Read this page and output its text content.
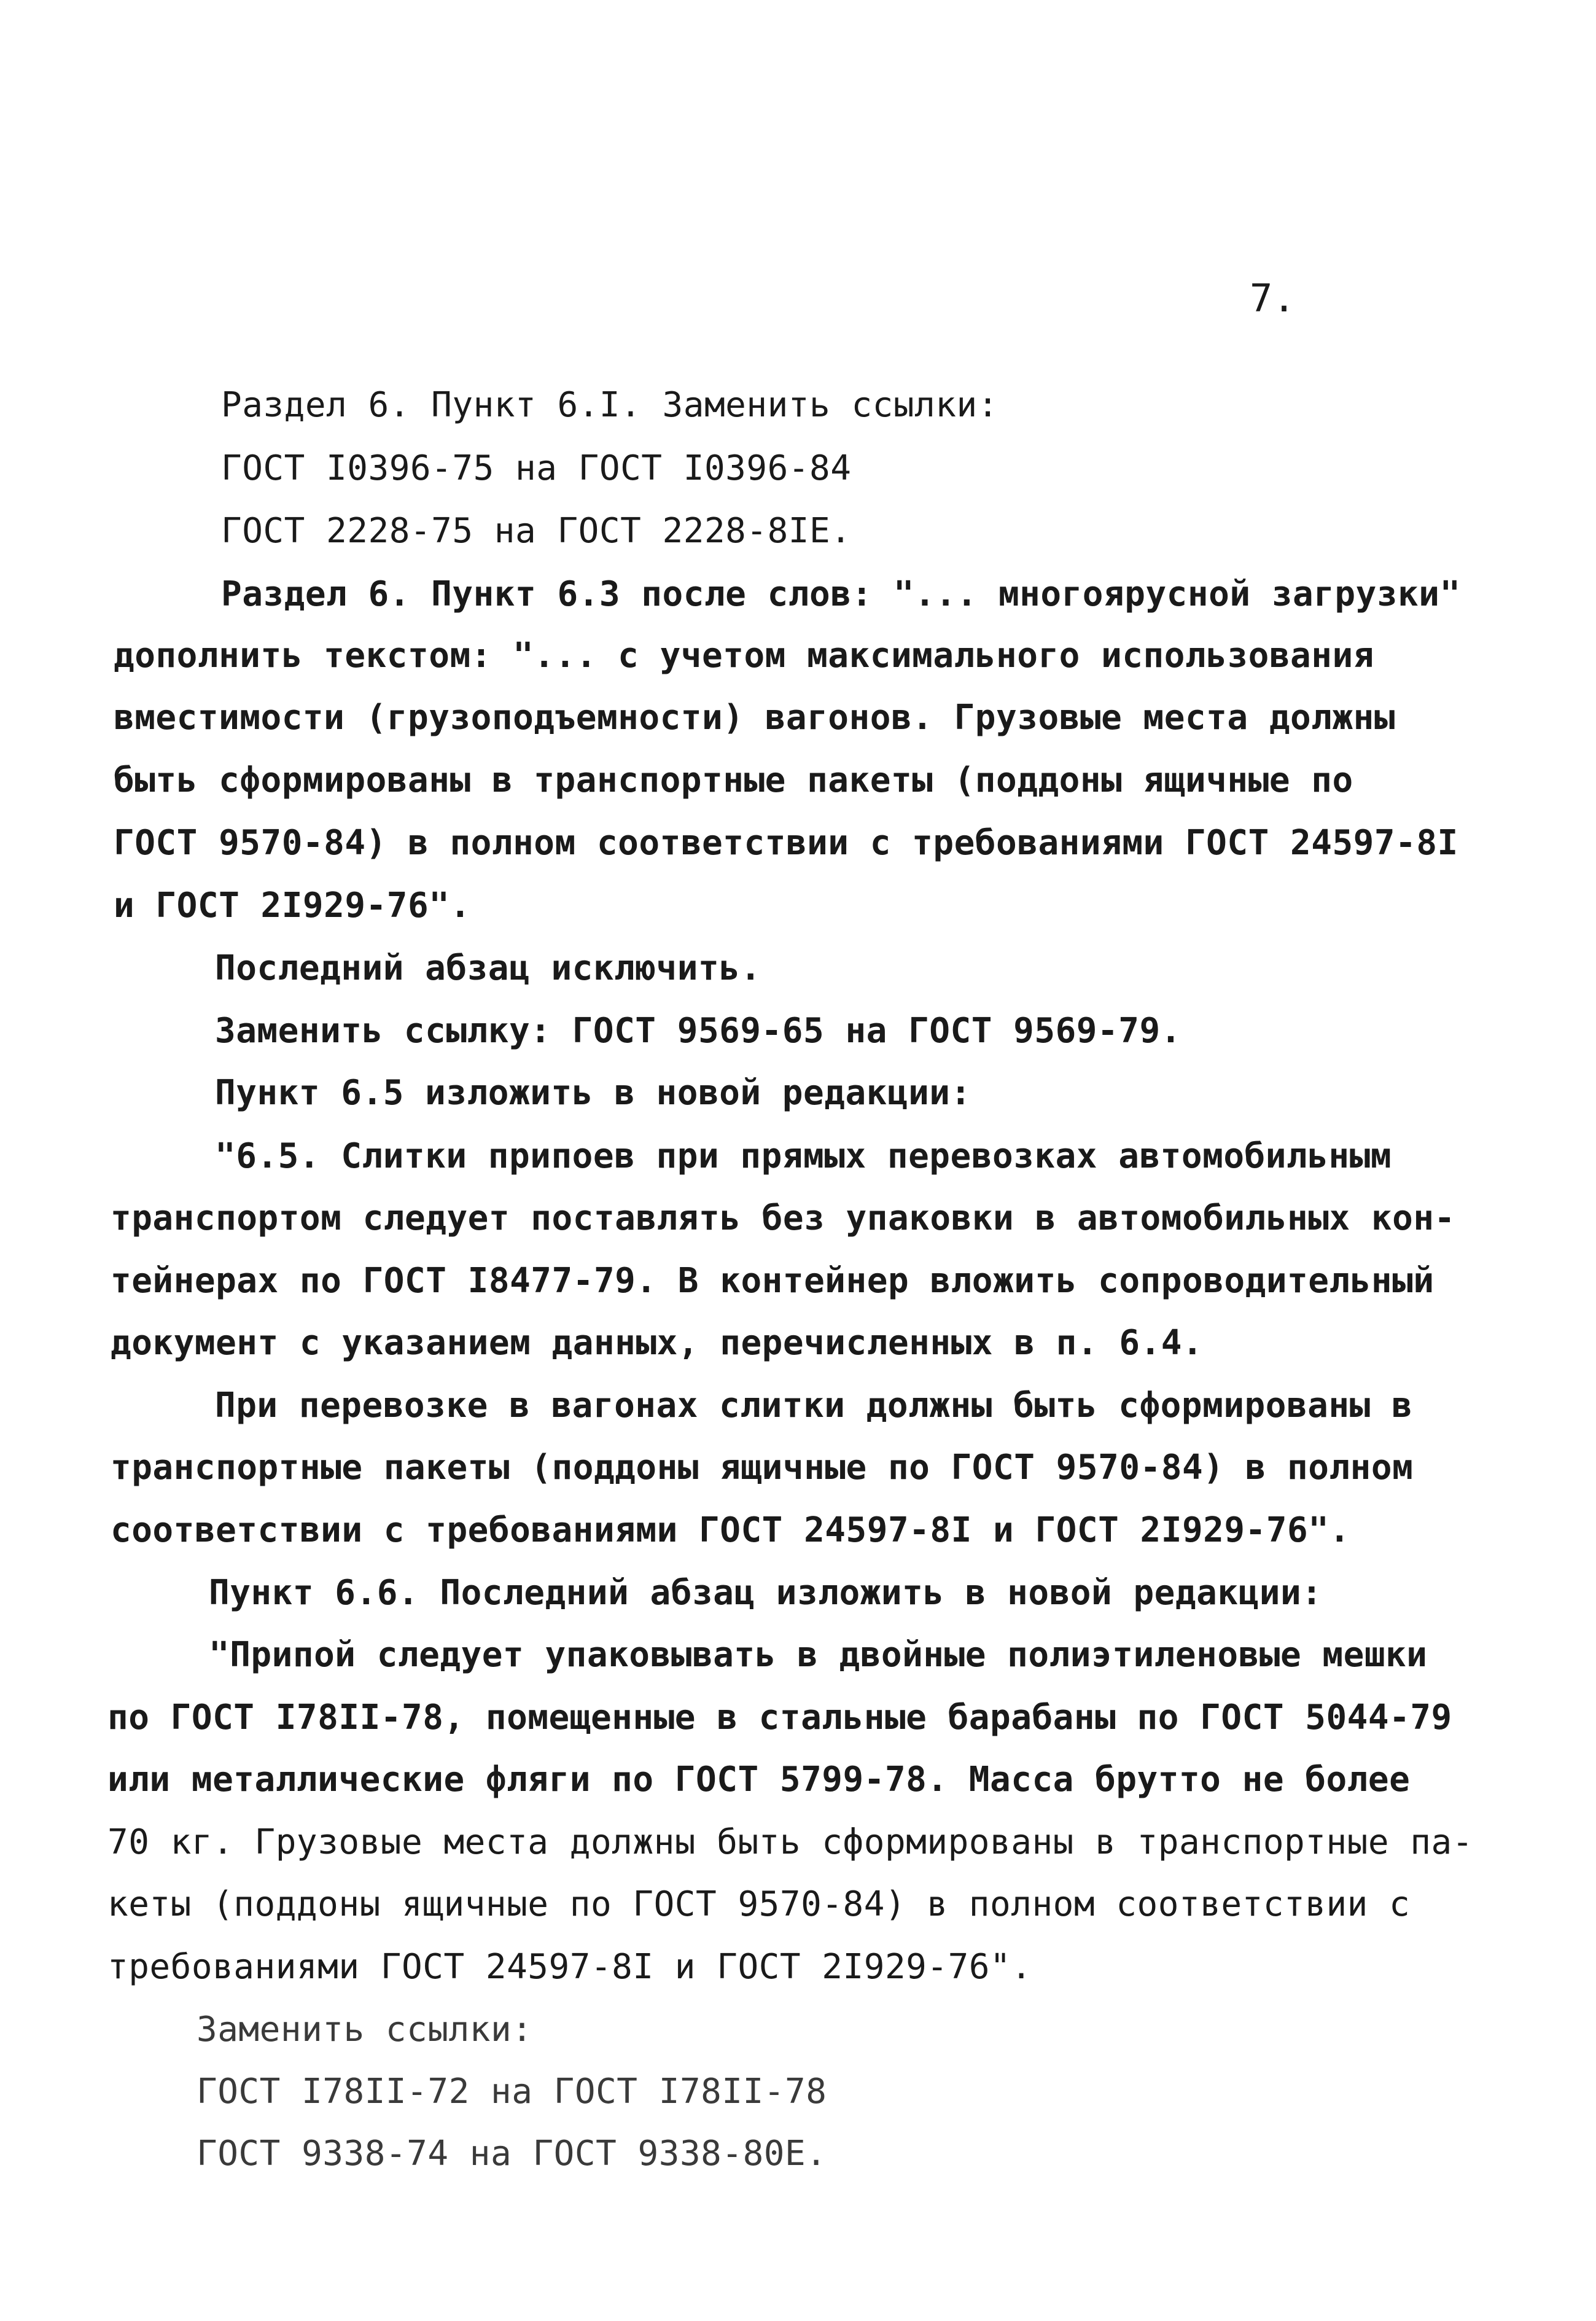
7.
Раздел 6. Пункт 6.I. Заменить ссылки:
ГОСТ I0396-75 на ГОСТ I0396-84
ГОСТ 2228-75 на ГОСТ 2228-8IЕ.
Раздел 6. Пункт 6.3 после слов: "... многоярусной загрузки"
дополнить текстом: "... с учетом максимального использования
вместимости (грузоподъемности) вагонов. Грузовые места должны
быть сформированы в транспортные пакеты (поддоны ящичные по
ГОСТ 9570-84) в полном соответствии с требованиями ГОСТ 24597-8I
и ГОСТ 2I929-76".
Последний абзац исключить.
Заменить ссылку: ГОСТ 9569-65 на ГОСТ 9569-79.
Пункт 6.5 изложить в новой редакции:
"6.5. Слитки припоев при прямых перевозках автомобильным
транспортом следует поставлять без упаковки в автомобильных кон-
тейнерах по ГОСТ I8477-79. В контейнер вложить сопроводительный
документ с указанием данных, перечисленных в п. 6.4.
При перевозке в вагонах слитки должны быть сформированы в
транспортные пакеты (поддоны ящичные по ГОСТ 9570-84) в полном
соответствии с требованиями ГОСТ 24597-8I и ГОСТ 2I929-76".
Пункт 6.6. Последний абзац изложить в новой редакции:
"Припой следует упаковывать в двойные полиэтиленовые мешки
по ГОСТ I78II-78, помещенные в стальные барабаны по ГОСТ 5044-79
или металлические фляги по ГОСТ 5799-78. Масса брутто не более
70 кг. Грузовые места должны быть сформированы в транспортные па-
кеты (поддоны ящичные по ГОСТ 9570-84) в полном соответствии с
требованиями ГОСТ 24597-8I и ГОСТ 2I929-76".
Заменить ссылки:
ГОСТ I78II-72 на ГОСТ I78II-78
ГОСТ 9338-74 на ГОСТ 9338-80Е.
